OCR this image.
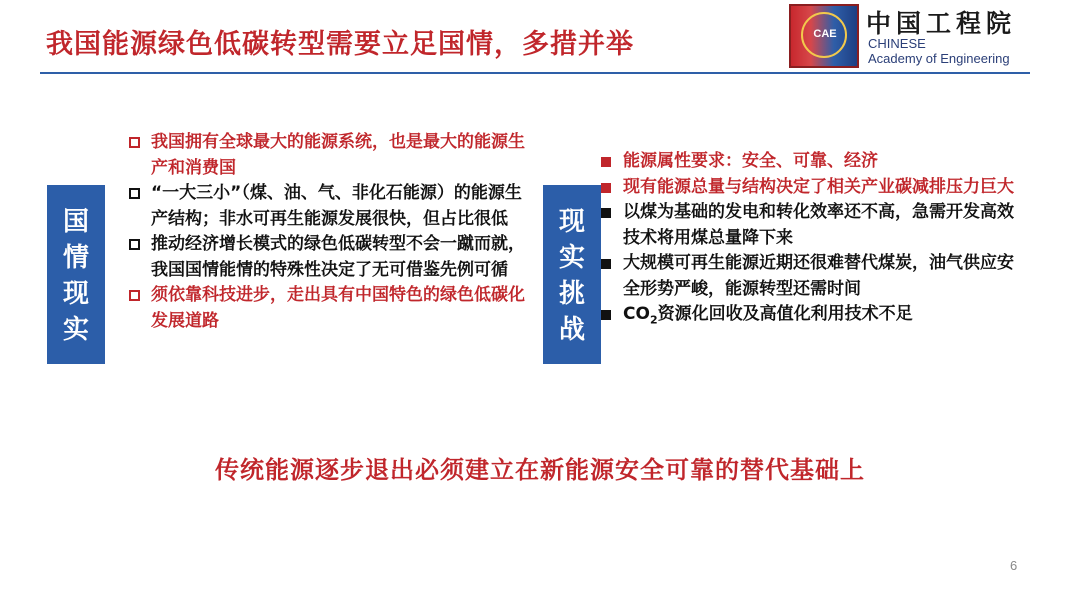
我国能源绿色低碳转型需要立足国情，多措并举	CAE	中国工程院
CHINESE
Academy of Engineering
国
情
现
实
我国拥有全球最大的能源系统，也是最大的能源生产和消费国
“一大三小”（煤、油、气、非化石能源）的能源生产结构；非水可再生能源发展很快，但占比很低
推动经济增长模式的绿色低碳转型不会一蹴而就，我国国情能情的特殊性决定了无可借鉴先例可循
须依靠科技进步，走出具有中国特色的绿色低碳化发展道路
现
实
挑
战
能源属性要求：安全、可靠、经济
现有能源总量与结构决定了相关产业碳减排压力巨大
以煤为基础的发电和转化效率还不高，急需开发高效技术将用煤总量降下来
大规模可再生能源近期还很难替代煤炭，油气供应安全形势严峻，能源转型还需时间
$CO_2$资源化回收及高值化利用技术不足
传统能源逐步退出必须建立在新能源安全可靠的替代基础上
6
